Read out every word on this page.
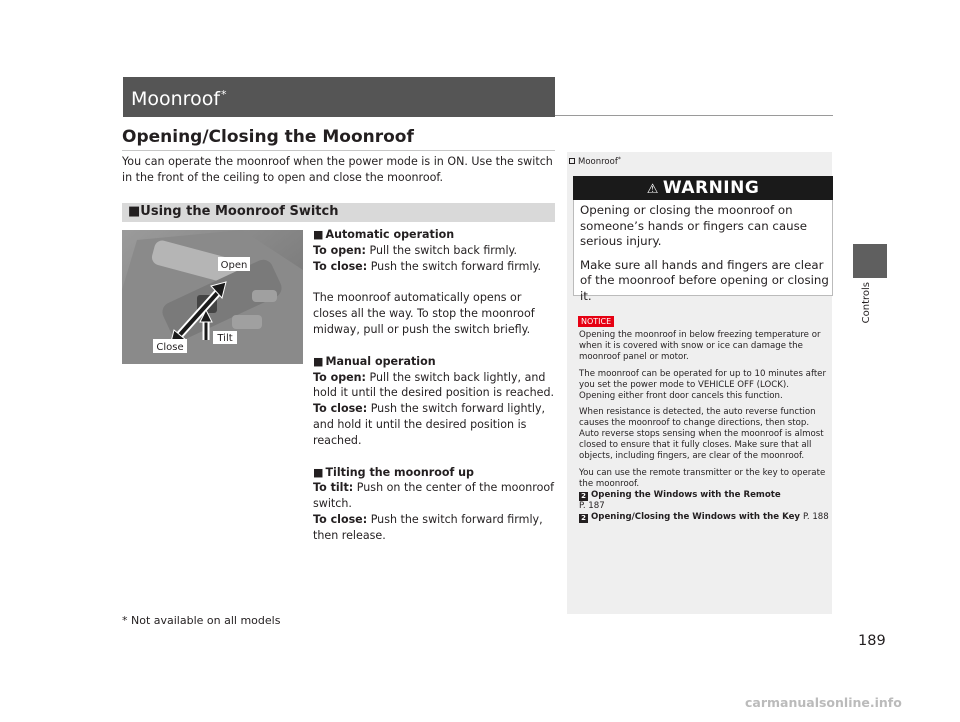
Moonroof*
Opening/Closing the Moonroof
You can operate the moonroof when the power mode is in ON. Use the switch in the front of the ceiling to open and close the moonroof.
■Using the Moonroof Switch
Open
Tilt
Close

■ Automatic operation

To open: Pull the switch back firmly.

To close: Push the switch forward firmly.

The moonroof automatically opens or closes all the way. To stop the moonroof midway, pull or push the switch briefly.

■ Manual operation

To open: Pull the switch back lightly, and hold it until the desired position is reached.

To close: Push the switch forward lightly, and hold it until the desired position is reached.

■ Tilting the moonroof up

To tilt: Push on the center of the moonroof switch.

To close: Push the switch forward firmly, then release.

Moonroof*
⚠ WARNING

Opening or closing the moonroof on someone’s hands or fingers can cause serious injury.

Make sure all hands and fingers are clear of the moonroof before opening or closing it.

NOTICE

Opening the moonroof in below freezing temperature or when it is covered with snow or ice can damage the moonroof panel or motor.

The moonroof can be operated for up to 10 minutes after you set the power mode to VEHICLE OFF (LOCK).

Opening either front door cancels this function.

When resistance is detected, the auto reverse function causes the moonroof to change directions, then stop. Auto reverse stops sensing when the moonroof is almost closed to ensure that it fully closes. Make sure that all objects, including fingers, are clear of the moonroof.

You can use the remote transmitter or the key to operate the moonroof.

2 Opening the Windows with the Remote

P. 187

2 Opening/Closing the Windows with the Key P. 188

Controls
189
* Not available on all models
carmanualsonline.info
